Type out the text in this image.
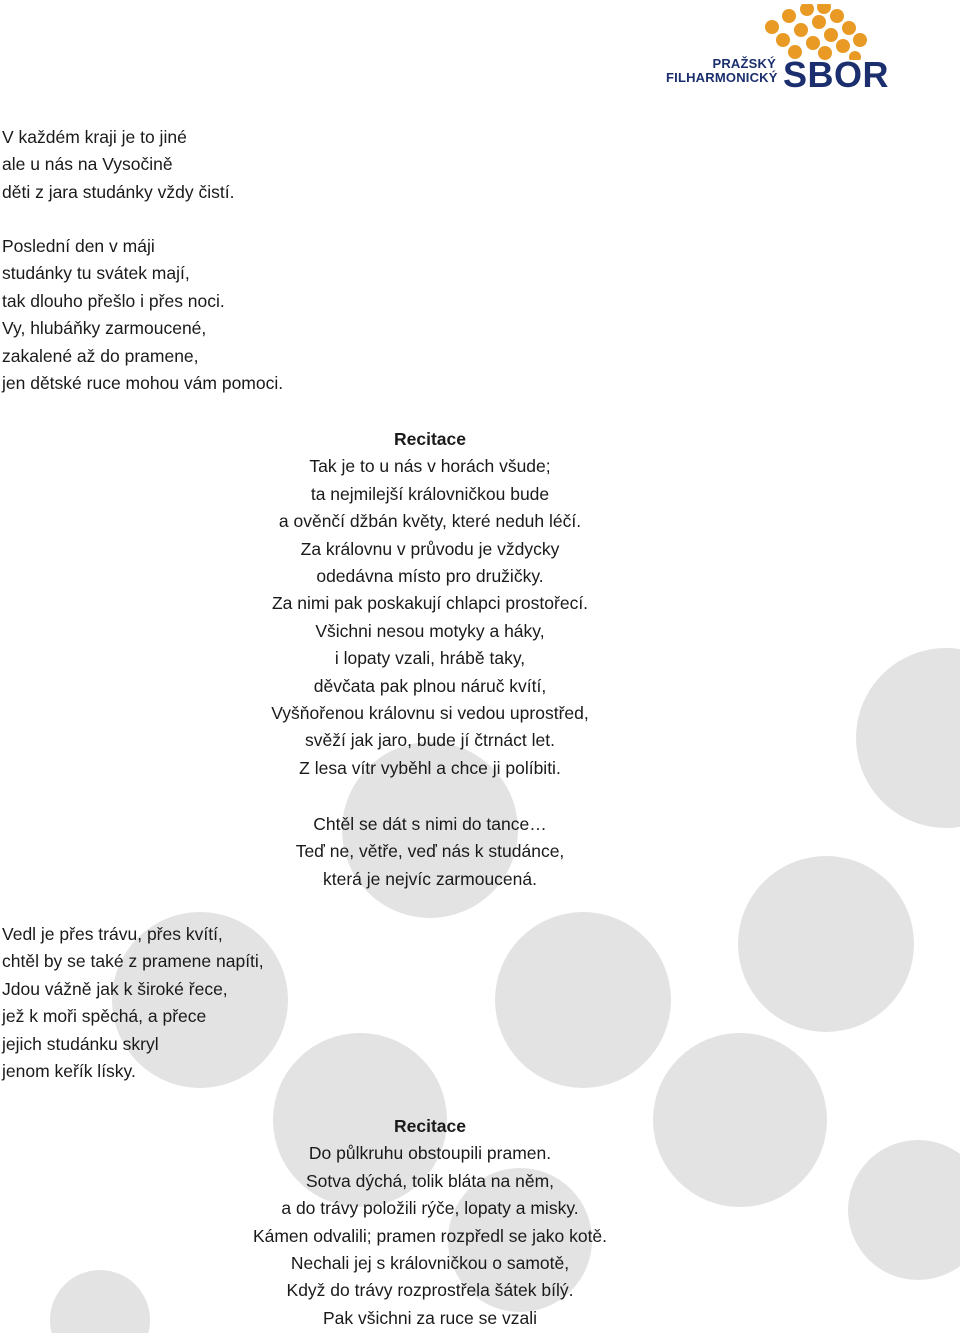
PRAŽSKÝ
FILHARMONICKÝ SBOR

V každém kraji je to jiné

ale u nás na Vysočině

děti z jara studánky vždy čistí.

Poslední den v máji

studánky tu svátek mají,

tak dlouho přešlo i přes noci.

Vy, hlubáňky zarmoucené,

zakalené až do pramene,

jen dětské ruce mohou vám pomoci.

Recitace

Tak je to u nás v horách všude;

ta nejmilejší královničkou bude

a ověnčí džbán květy, které neduh léčí.

Za královnu v průvodu je vždycky

odedávna místo pro družičky.

Za nimi pak poskakují chlapci prostořecí.

Všichni nesou motyky a háky,

i lopaty vzali, hrábě taky,

děvčata pak plnou náruč kvítí,

Vyšňořenou královnu si vedou uprostřed,

svěží jak jaro, bude jí čtrnáct let.

Z lesa vítr vyběhl a chce ji políbiti.

Chtěl se dát s nimi do tance…

Teď ne, větře, veď nás k studánce,

která je nejvíc zarmoucená.

Vedl je přes trávu, přes kvítí,

chtěl by se také z pramene napíti,

Jdou vážně jak k široké řece,

jež k moři spěchá, a přece

jejich studánku skryl

jenom keřík lísky.

Recitace

Do půlkruhu obstoupili pramen.

Sotva dýchá, tolik bláta na něm,

a do trávy položili rýče, lopaty a misky.

Kámen odvalili; pramen rozpředl se jako kotě.

Nechali jej s královničkou o samotě,

Když do trávy rozprostřela šátek bílý.

Pak všichni za ruce se vzali
